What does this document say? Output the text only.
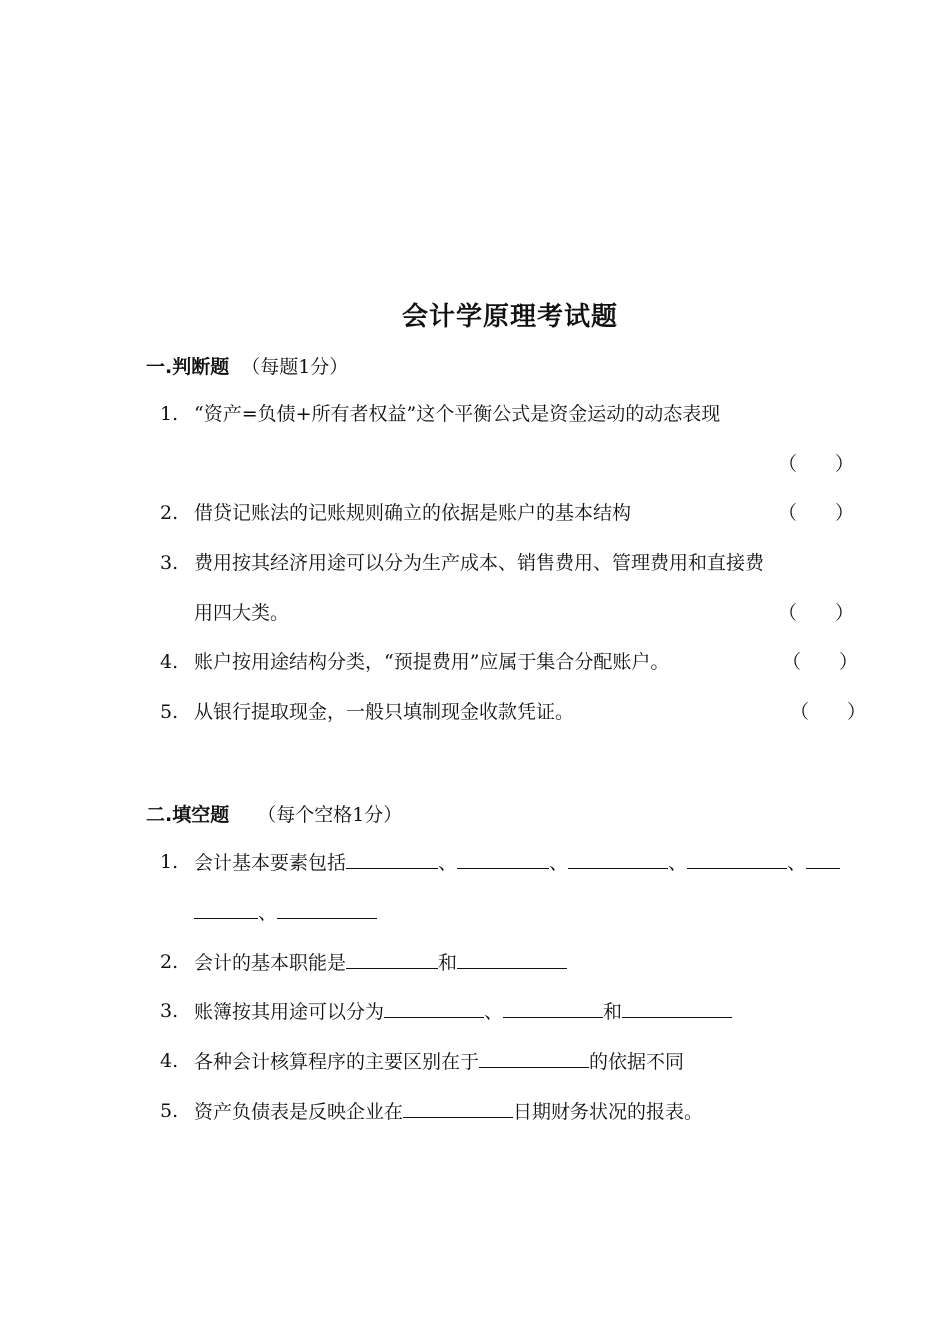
会计学原理考试题
一.判断题 （每题1分）
1. “资产=负债+所有者权益”这个平衡公式是资金运动的动态表现
（　　）
2. 借贷记账法的记账规则确立的依据是账户的基本结构	（　　）
3. 费用按其经济用途可以分为生产成本、销售费用、管理费用和直接费
用四大类。	（　　）
4. 账户按用途结构分类，“预提费用”应属于集合分配账户。	（　　）
5. 从银行提取现金，一般只填制现金收款凭证。	（　　）
二.填空题 （每个空格1分）
1. 会计基本要素包括	、	、	、	、
、
2. 会计的基本职能是	和
3. 账簿按其用途可以分为	、	和
4. 各种会计核算程序的主要区别在于	的依据不同
5. 资产负债表是反映企业在	日期财务状况的报表。
